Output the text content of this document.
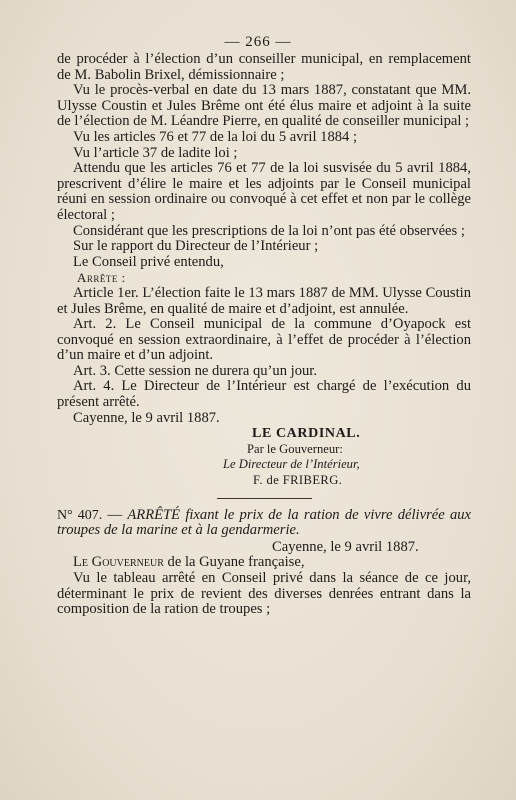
— 266 —

de procéder à l’élection d’un conseiller municipal, en remplacement de M. Babolin Brixel, démissionnaire ;

Vu le procès-verbal en date du 13 mars 1887, constatant que MM. Ulysse Coustin et Jules Brême ont été élus maire et adjoint à la suite de l’élection de M. Léandre Pierre, en qualité de conseiller municipal ;

Vu les articles 76 et 77 de la loi du 5 avril 1884 ;

Vu l’article 37 de ladite loi ;

Attendu que les articles 76 et 77 de la loi susvisée du 5 avril 1884, prescrivent d’élire le maire et les adjoints par le Conseil municipal réuni en session ordinaire ou convoqué à cet effet et non par le collège électoral ;

Considérant que les prescriptions de la loi n’ont pas été observées ;

Sur le rapport du Directeur de l’Intérieur ;

Le Conseil privé entendu,

Arrête :

Article 1er. L’élection faite le 13 mars 1887 de MM. Ulysse Coustin et Jules Brême, en qualité de maire et d’adjoint, est annulée.

Art. 2. Le Conseil municipal de la commune d’Oyapock est convoqué en session extraordinaire, à l’effet de procéder à l’élection d’un maire et d’un adjoint.

Art. 3. Cette session ne durera qu’un jour.

Art. 4. Le Directeur de l’Intérieur est chargé de l’exécution du présent arrêté.

Cayenne, le 9 avril 1887.

LE CARDINAL.

Par le Gouverneur:

Le Directeur de l’Intérieur,

F. de FRIBERG.

N° 407. — ARRÊTÉ fixant le prix de la ration de vivre délivrée aux troupes de la marine et à la gendarmerie.

Cayenne, le 9 avril 1887.

Le Gouverneur de la Guyane française,

Vu le tableau arrêté en Conseil privé dans la séance de ce jour, déterminant le prix de revient des diverses denrées entrant dans la composition de la ration de troupes ;
